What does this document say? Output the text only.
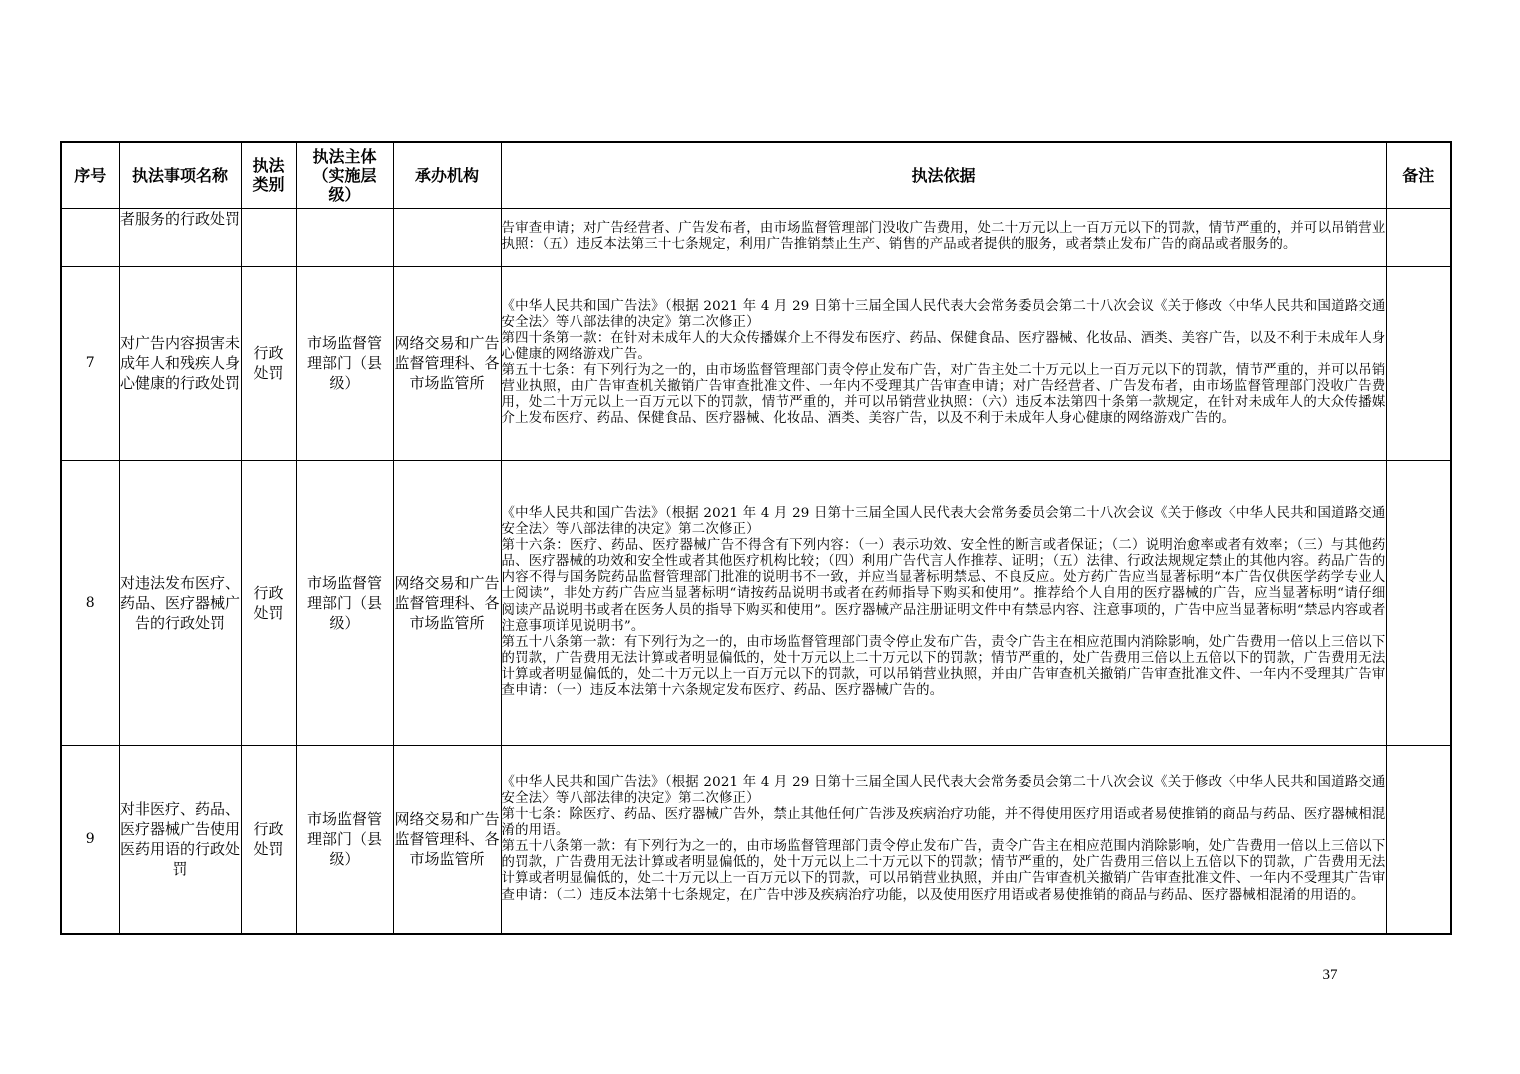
序号	执法事项名称	执法类别	执法主体（实施层级）	承办机构	执法依据	备注
	者服务的行政处罚				告审查申请；对广告经营者、广告发布者，由市场监督管理部门没收广告费用，处二十万元以上一百万元以下的罚款，情节严重的，并可以吊销营业执照：（五）违反本法第三十七条规定，利用广告推销禁止生产、销售的产品或者提供的服务，或者禁止发布广告的商品或者服务的。	

7	对广告内容损害未成年人和残疾人身心健康的行政处罚	行政处罚	市场监督管理部门（县级）	网络交易和广告监督管理科、各市场监管所	《中华人民共和国广告法》（根据 2021 年 4 月 29 日第十三届全国人民代表大会常务委员会第二十八次会议《关于修改〈中华人民共和国道路交通安全法〉等八部法律的决定》第二次修正）

第四十条第一款：在针对未成年人的大众传播媒介上不得发布医疗、药品、保健食品、医疗器械、化妆品、酒类、美容广告，以及不利于未成年人身心健康的网络游戏广告。

第五十七条：有下列行为之一的，由市场监督管理部门责令停止发布广告，对广告主处二十万元以上一百万元以下的罚款，情节严重的，并可以吊销营业执照，由广告审查机关撤销广告审查批准文件、一年内不受理其广告审查申请；对广告经营者、广告发布者，由市场监督管理部门没收广告费用，处二十万元以上一百万元以下的罚款，情节严重的，并可以吊销营业执照：（六）违反本法第四十条第一款规定，在针对未成年人的大众传播媒介上发布医疗、药品、保健食品、医疗器械、化妆品、酒类、美容广告，以及不利于未成年人身心健康的网络游戏广告的。	

8	对违法发布医疗、药品、医疗器械广告的行政处罚	行政处罚	市场监督管理部门（县级）	网络交易和广告监督管理科、各市场监管所	《中华人民共和国广告法》（根据 2021 年 4 月 29 日第十三届全国人民代表大会常务委员会第二十八次会议《关于修改〈中华人民共和国道路交通安全法〉等八部法律的决定》第二次修正）

第十六条：医疗、药品、医疗器械广告不得含有下列内容：（一）表示功效、安全性的断言或者保证；（二）说明治愈率或者有效率；（三）与其他药品、医疗器械的功效和安全性或者其他医疗机构比较；（四）利用广告代言人作推荐、证明；（五）法律、行政法规规定禁止的其他内容。药品广告的内容不得与国务院药品监督管理部门批准的说明书不一致，并应当显著标明禁忌、不良反应。处方药广告应当显著标明“本广告仅供医学药学专业人士阅读”，非处方药广告应当显著标明“请按药品说明书或者在药师指导下购买和使用”。推荐给个人自用的医疗器械的广告，应当显著标明“请仔细阅读产品说明书或者在医务人员的指导下购买和使用”。医疗器械产品注册证明文件中有禁忌内容、注意事项的，广告中应当显著标明“禁忌内容或者注意事项详见说明书”。

第五十八条第一款：有下列行为之一的，由市场监督管理部门责令停止发布广告，责令广告主在相应范围内消除影响，处广告费用一倍以上三倍以下的罚款，广告费用无法计算或者明显偏低的，处十万元以上二十万元以下的罚款；情节严重的，处广告费用三倍以上五倍以下的罚款，广告费用无法计算或者明显偏低的，处二十万元以上一百万元以下的罚款，可以吊销营业执照，并由广告审查机关撤销广告审查批准文件、一年内不受理其广告审查申请：（一）违反本法第十六条规定发布医疗、药品、医疗器械广告的。	

9	对非医疗、药品、医疗器械广告使用医药用语的行政处罚	行政处罚	市场监督管理部门（县级）	网络交易和广告监督管理科、各市场监管所	《中华人民共和国广告法》（根据 2021 年 4 月 29 日第十三届全国人民代表大会常务委员会第二十八次会议《关于修改〈中华人民共和国道路交通安全法〉等八部法律的决定》第二次修正）

第十七条：除医疗、药品、医疗器械广告外，禁止其他任何广告涉及疾病治疗功能，并不得使用医疗用语或者易使推销的商品与药品、医疗器械相混淆的用语。

第五十八条第一款：有下列行为之一的，由市场监督管理部门责令停止发布广告，责令广告主在相应范围内消除影响，处广告费用一倍以上三倍以下的罚款，广告费用无法计算或者明显偏低的，处十万元以上二十万元以下的罚款；情节严重的，处广告费用三倍以上五倍以下的罚款，广告费用无法计算或者明显偏低的，处二十万元以上一百万元以下的罚款，可以吊销营业执照，并由广告审查机关撤销广告审查批准文件、一年内不受理其广告审查申请：（二）违反本法第十七条规定，在广告中涉及疾病治疗功能，以及使用医疗用语或者易使推销的商品与药品、医疗器械相混淆的用语的。	

37
